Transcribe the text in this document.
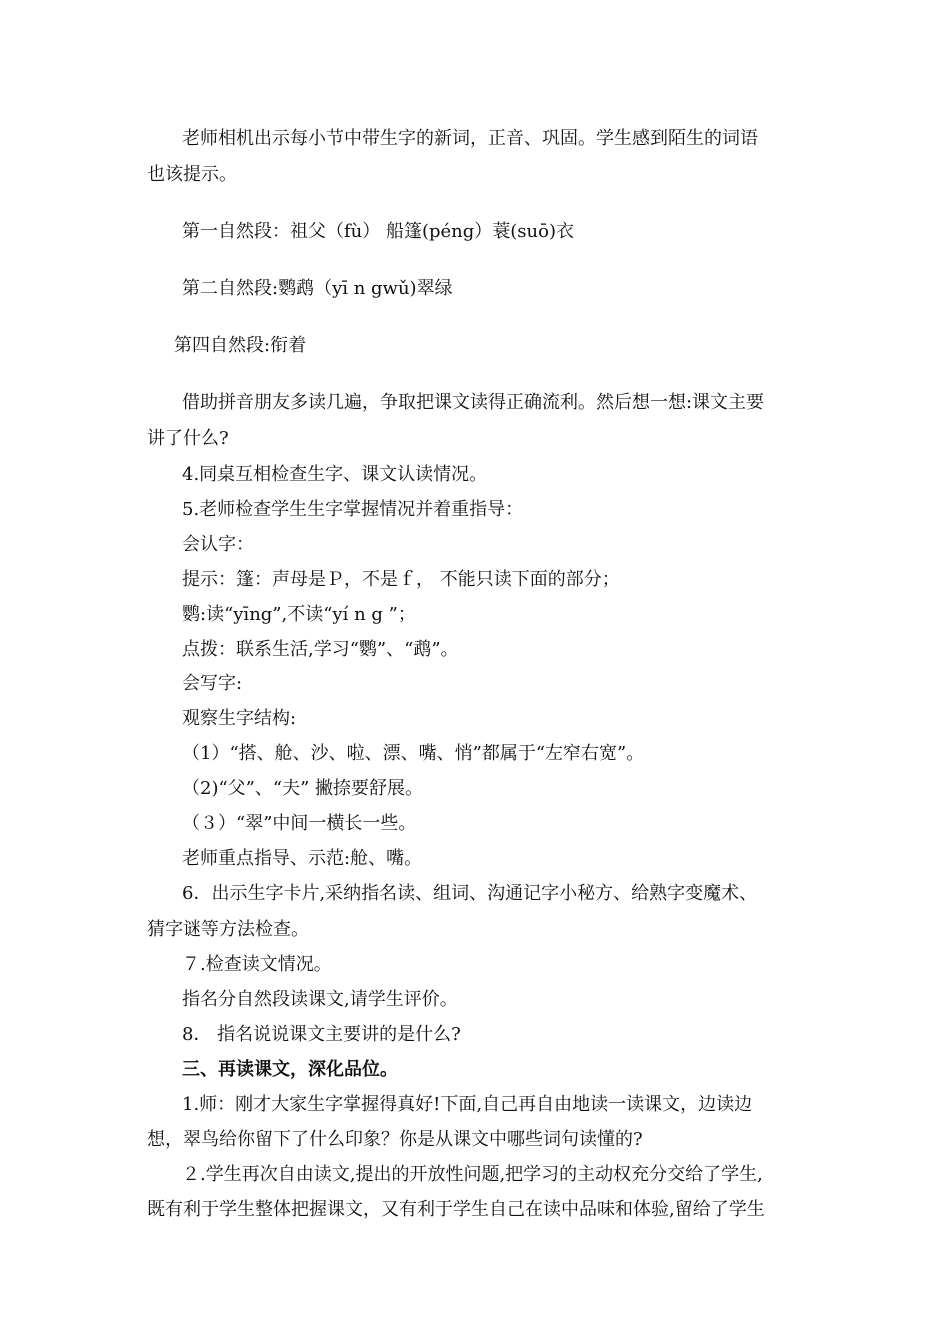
老师相机出示每小节中带生字的新词，正音、巩固。学生感到陌生的词语
也该提示。
第一自然段：祖父（fù） 船篷(péng）蓑(suō)衣
第二自然段:鹦鹉（yī n gwǔ)翠绿
第四自然段:衔着
借助拼音朋友多读几遍，争取把课文读得正确流利。然后想一想:课文主要
讲了什么?
4.同桌互相检查生字、课文认读情况。
5.老师检查学生生字掌握情况并着重指导：
会认字：
提示：篷：声母是Ｐ，不是ｆ， 不能只读下面的部分；
鹦:读“yīng”,不读“yí n g ”；
点拨：联系生活,学习“鹦”、“鹉”。
会写字:
观察生字结构:
（1）“搭、舱、沙、啦、漂、嘴、悄”都属于“左窄右宽”。
（2)“父”、“夫” 撇捺要舒展。
（３）“翠”中间一横长一些。
老师重点指导、示范:舱、嘴。
6．出示生字卡片,采纳指名读、组词、沟通记字小秘方、给熟字变魔术、
猜字谜等方法检查。
７.检查读文情况。
指名分自然段读课文,请学生评价。
8． 指名说说课文主要讲的是什么?
三、再读课文，深化品位。
1.师：刚才大家生字掌握得真好!下面,自己再自由地读一读课文，边读边
想，翠鸟给你留下了什么印象？你是从课文中哪些词句读懂的?
２.学生再次自由读文,提出的开放性问题,把学习的主动权充分交给了学生,
既有利于学生整体把握课文，又有利于学生自己在读中品味和体验,留给了学生
